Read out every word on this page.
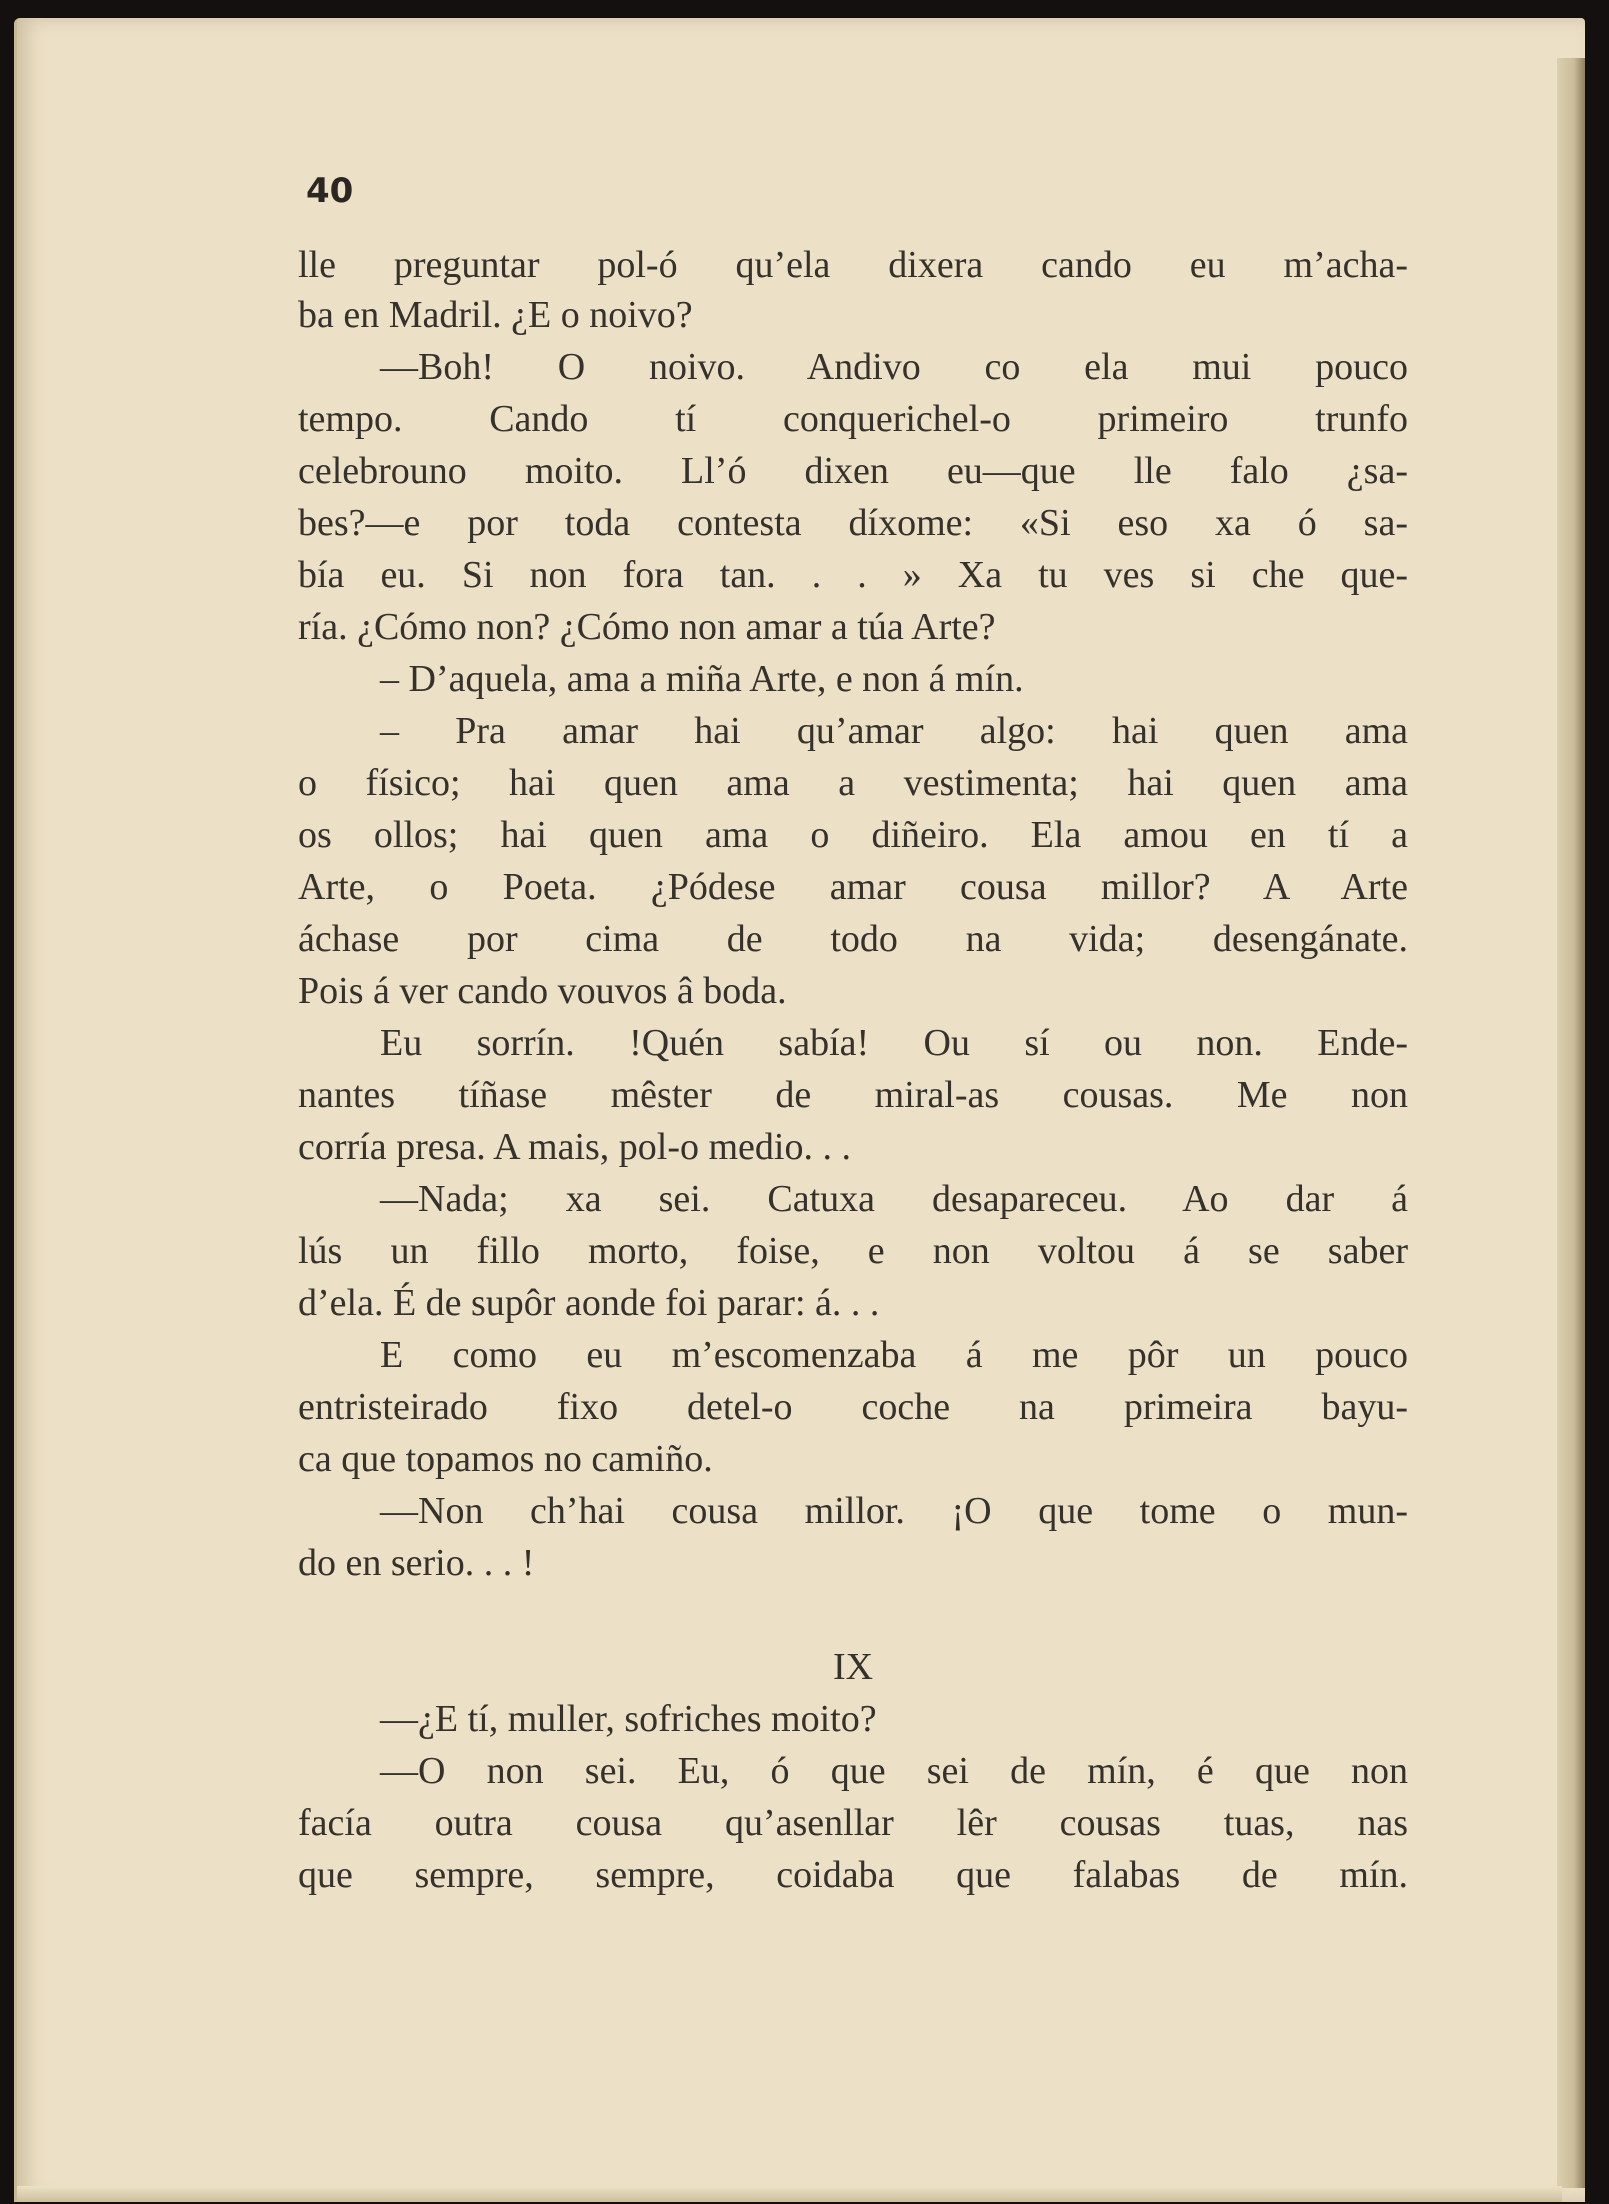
40

lle preguntar pol-ó qu’ela dixera cando eu m’acha-

ba en Madril. ¿E o noivo?

—Boh! O noivo. Andivo co ela mui pouco

tempo. Cando tí conquerichel-o primeiro trunfo

celebrouno moito. Ll’ó dixen eu—que lle falo ¿sa-

bes?—e por toda contesta díxome: «Si eso xa ó sa-

bía eu. Si non fora tan. . . » Xa tu ves si che que-

ría. ¿Cómo non? ¿Cómo non amar a túa Arte?

– D’aquela, ama a miña Arte, e non á mín.

– Pra amar hai qu’amar algo: hai quen ama

o físico; hai quen ama a vestimenta; hai quen ama

os ollos; hai quen ama o diñeiro. Ela amou en tí a

Arte, o Poeta. ¿Pódese amar cousa millor? A Arte

áchase por cima de todo na vida; desengánate.

Pois á ver cando vouvos â boda.

Eu sorrín. !Quén sabía! Ou sí ou non. Ende-

nantes tíñase mêster de miral-as cousas. Me non

corría presa. A mais, pol-o medio. . .

—Nada; xa sei. Catuxa desapareceu. Ao dar á

lús un fillo morto, foise, e non voltou á se saber

d’ela. É de supôr aonde foi parar: á. . .

E como eu m’escomenzaba á me pôr un pouco

entristeirado fixo detel-o coche na primeira bayu-

ca que topamos no camiño.

—Non ch’hai cousa millor. ¡O que tome o mun-

do en serio. . . !

IX

—¿E tí, muller, sofriches moito?

—O non sei. Eu, ó que sei de mín, é que non

facía outra cousa qu’asenllar lêr cousas tuas, nas

que sempre, sempre, coidaba que falabas de mín.
